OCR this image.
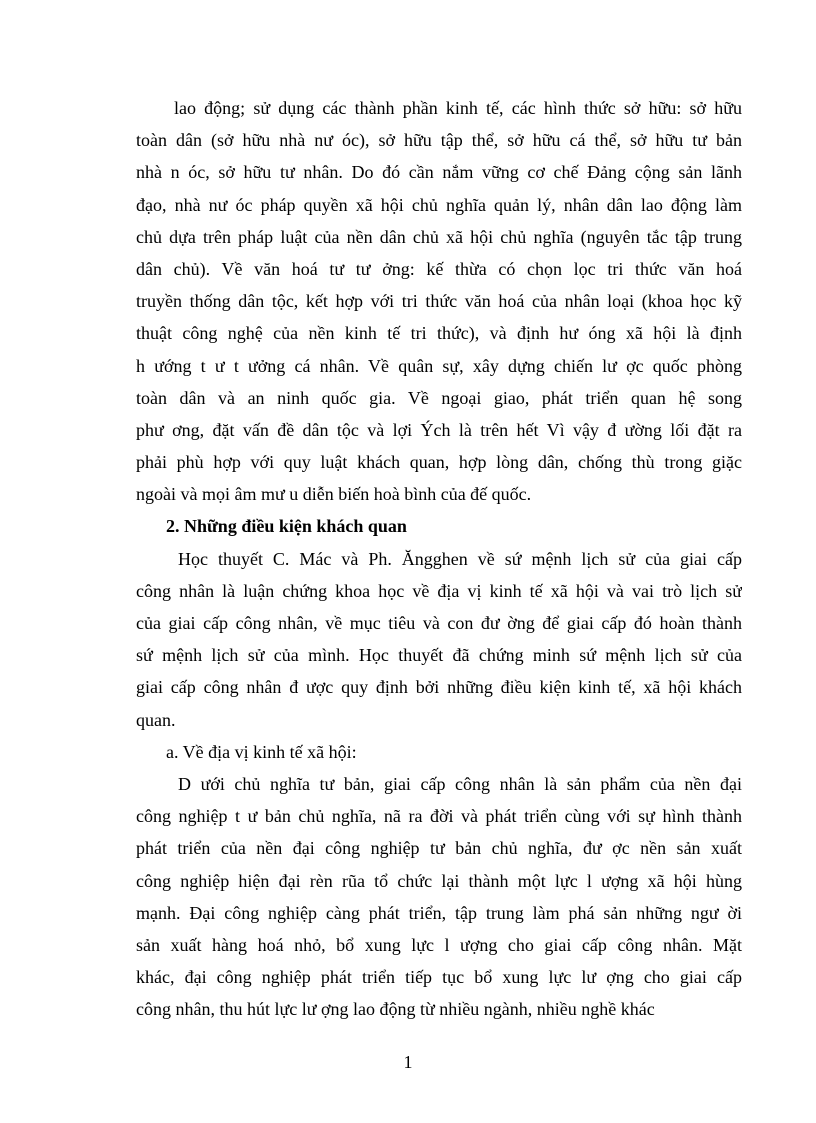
lao động; sử dụng các thành phần kinh tế, các hình thức sở hữu: sở hữu
toàn dân (sở hữu nhà nư óc), sở hữu tập thể, sở hữu cá thể, sở hữu tư bản
nhà n óc, sở hữu tư nhân. Do đó cần nắm vững cơ chế Đảng cộng sản lãnh
đạo, nhà nư óc pháp quyền xã hội chủ nghĩa quản lý, nhân dân lao động làm
chủ dựa trên pháp luật của nền dân chủ xã hội chủ nghĩa (nguyên tắc tập trung
dân chủ). Về văn hoá tư tư ởng: kế thừa có chọn lọc tri thức văn hoá
truyền thống dân tộc, kết hợp với tri thức văn hoá của nhân loại (khoa học kỹ
thuật công nghệ của nền kinh tế tri thức), và định hư óng xã hội là định
h ướng t ư t ưởng cá nhân. Về quân sự, xây dựng chiến lư ợc quốc phòng
toàn dân và an ninh quốc gia. Về ngoại giao, phát triển quan hệ song
phư ơng, đặt vấn đề dân tộc và lợi Ých là trên hết Vì vậy đ ường lối đặt ra
phải phù hợp với quy luật khách quan, hợp lòng dân, chống thù trong giặc
ngoài và mọi âm mư u diễn biến hoà bình của đế quốc.
2. Những điều kiện khách quan
Học thuyết C. Mác và Ph. Ăngghen về sứ mệnh lịch sử của giai cấp
công nhân là luận chứng khoa học về địa vị kinh tế xã hội và vai trò lịch sử
của giai cấp công nhân, về mục tiêu và con đư ờng để giai cấp đó hoàn thành
sứ mệnh lịch sử của mình. Học thuyết đã chứng minh sứ mệnh lịch sử của
giai cấp công nhân đ ược quy định bởi những điều kiện kinh tế, xã hội khách
quan.
a. Về địa vị kinh tế xã hội:
D ưới chủ nghĩa tư bản, giai cấp công nhân là sản phẩm của nền đại
công nghiệp t ư bản chủ nghĩa, nã ra đời và phát triển cùng với sự hình thành
phát triển của nền đại công nghiệp tư bản chủ nghĩa, đư ợc nền sản xuất
công nghiệp hiện đại rèn rũa tổ chức lại thành một lực l ượng xã hội hùng
mạnh. Đại công nghiệp càng phát triển, tập trung làm phá sản những ngư ời
sản xuất hàng hoá nhỏ, bổ xung lực l ượng cho giai cấp công nhân. Mặt
khác, đại công nghiệp phát triển tiếp tục bổ xung lực lư ợng cho giai cấp
công nhân, thu hút lực lư ợng lao động từ nhiều ngành, nhiều nghề khác
1
